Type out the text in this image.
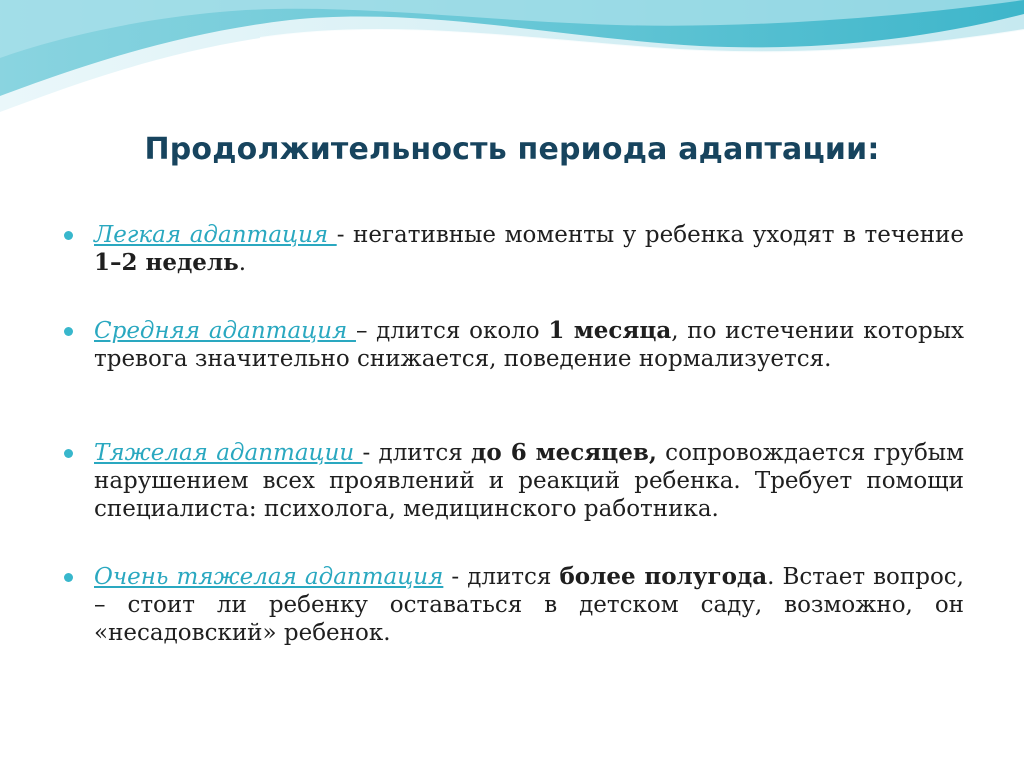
Продолжительность периода адаптации:
Легкая адаптация - негативные моменты у ребенка уходят в течение 1–2 недель.
Средняя адаптация – длится около 1 месяца, по истечении которых тревога значительно снижается, поведение нормализуется.
Тяжелая адаптации - длится до 6 месяцев, сопровождается грубым нарушением всех проявлений и реакций ребенка. Требует помощи специалиста: психолога, медицинского работника.
Очень тяжелая адаптация - длится более полугода. Встает вопрос, – стоит ли ребенку оставаться в детском саду, возможно, он «несадовский» ребенок.
